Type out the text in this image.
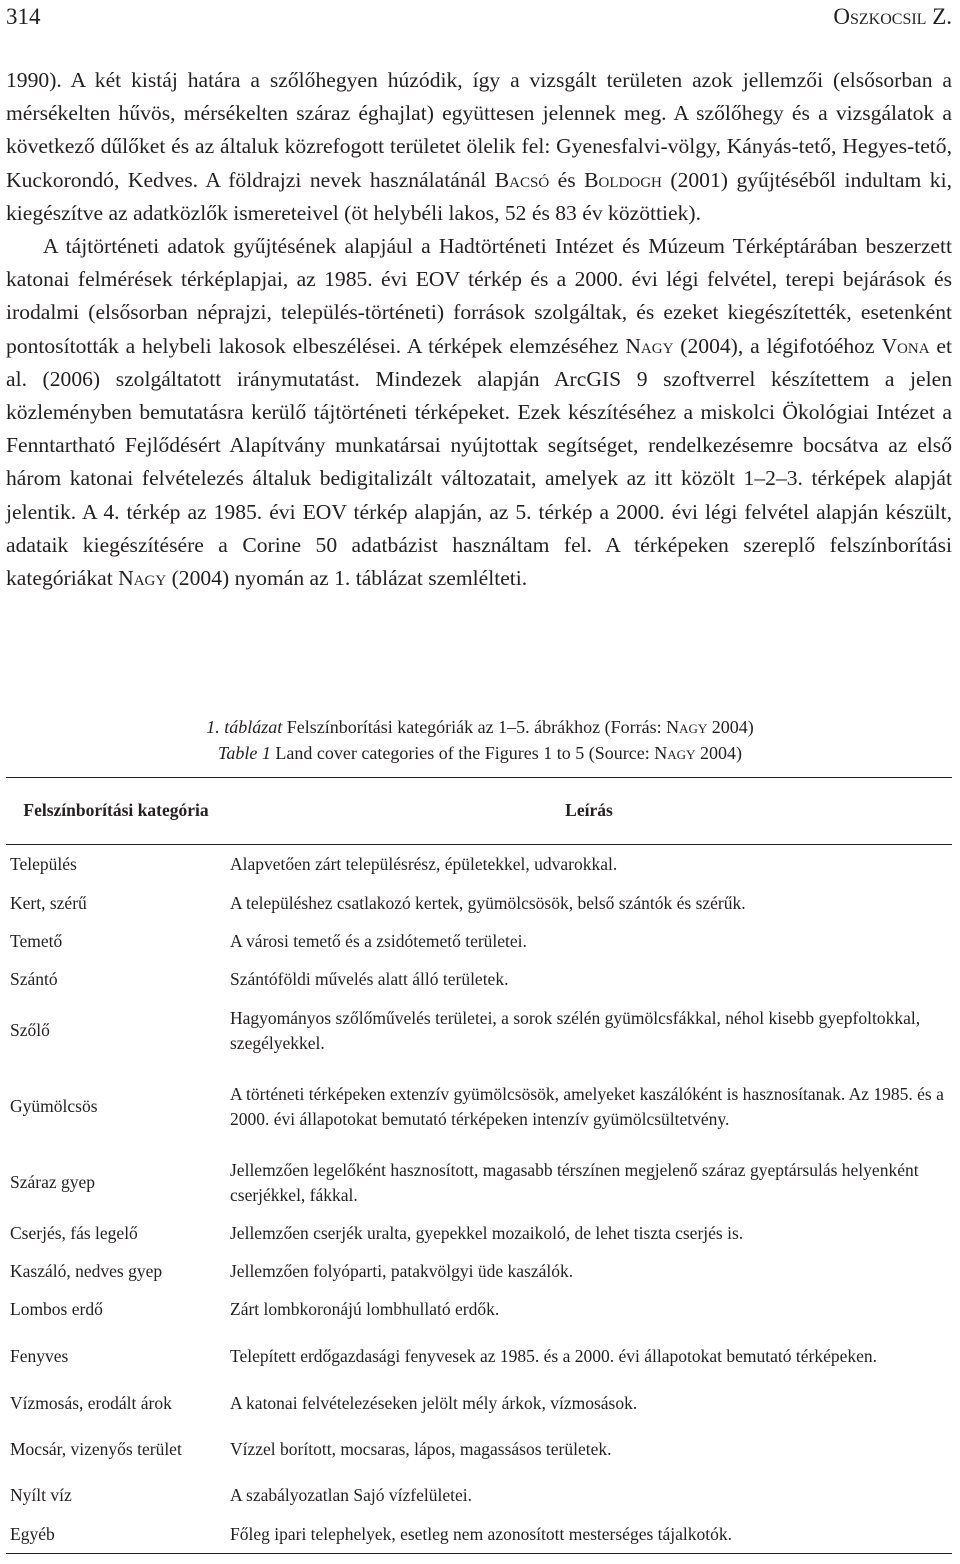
314	Oszkocsil Z.

1990). A két kistáj határa a szőlőhegyen húzódik, így a vizsgált területen azok jellemzői (elsősorban a mérsékelten hűvös, mérsékelten száraz éghajlat) együttesen jelennek meg. A szőlőhegy és a vizsgálatok a következő dűlőket és az általuk közrefogott területet ölelik fel: Gyenesfalvi-völgy, Kányás-tető, Hegyes-tető, Kuckorondó, Kedves. A földrajzi nevek használatánál Bacsó és Boldogh (2001) gyűjtéséből indultam ki, kiegészítve az adatközlők ismereteivel (öt helybéli lakos, 52 és 83 év közöttiek).

A tájtörténeti adatok gyűjtésének alapjául a Hadtörténeti Intézet és Múzeum Térképtárában beszerzett katonai felmérések térképlapjai, az 1985. évi EOV térkép és a 2000. évi légi felvétel, terepi bejárások és irodalmi (elsősorban néprajzi, település-történeti) források szolgáltak, és ezeket kiegészítették, esetenként pontosították a helybeli lakosok elbeszélései. A térképek elemzéséhez Nagy (2004), a légifotóéhoz Vona et al. (2006) szolgáltatott iránymutatást. Mindezek alapján ArcGIS 9 szoftverrel készítettem a jelen közleményben bemutatásra kerülő tájtörténeti térképeket. Ezek készítéséhez a miskolci Ökológiai Intézet a Fenntartható Fejlődésért Alapítvány munkatársai nyújtottak segítséget, rendelkezésemre bocsátva az első három katonai felvételezés általuk bedigitalizált változatait, amelyek az itt közölt 1–2–3. térképek alapját jelentik. A 4. térkép az 1985. évi EOV térkép alapján, az 5. térkép a 2000. évi légi felvétel alapján készült, adataik kiegészítésére a Corine 50 adatbázist használtam fel. A térképeken szereplő felszínborítási kategóriákat Nagy (2004) nyomán az 1. táblázat szemlélteti.

1. táblázat Felszínborítási kategóriák az 1–5. ábrákhoz (Forrás: Nagy 2004)
Table 1 Land cover categories of the Figures 1 to 5 (Source: Nagy 2004)
Felszínborítási kategória	Leírás
Település	Alapvetően zárt településrész, épületekkel, udvarokkal.
Kert, szérű	A településhez csatlakozó kertek, gyümölcsösök, belső szántók és szérűk.
Temető	A városi temető és a zsidótemető területei.
Szántó	Szántóföldi művelés alatt álló területek.
Szőlő	Hagyományos szőlőművelés területei, a sorok szélén gyümölcsfákkal, néhol kisebb gyepfoltokkal, szegélyekkel.
Gyümölcsös	A történeti térképeken extenzív gyümölcsösök, amelyeket kaszálóként is hasznosítanak. Az 1985. és a 2000. évi állapotokat bemutató térképeken intenzív gyümölcsültetvény.
Száraz gyep	Jellemzően legelőként hasznosított, magasabb térszínen megjelenő száraz gyeptársulás helyenként cserjékkel, fákkal.
Cserjés, fás legelő	Jellemzően cserjék uralta, gyepekkel mozaikoló, de lehet tiszta cserjés is.
Kaszáló, nedves gyep	Jellemzően folyóparti, patakvölgyi üde kaszálók.
Lombos erdő	Zárt lombkoronájú lombhullató erdők.
Fenyves	Telepített erdőgazdasági fenyvesek az 1985. és a 2000. évi állapotokat bemutató térképeken.
Vízmosás, erodált árok	A katonai felvételezéseken jelölt mély árkok, vízmosások.
Mocsár, vizenyős terület	Vízzel borított, mocsaras, lápos, magassásos területek.
Nyílt víz	A szabályozatlan Sajó vízfelületei.
Egyéb	Főleg ipari telephelyek, esetleg nem azonosított mesterséges tájalkotók.
